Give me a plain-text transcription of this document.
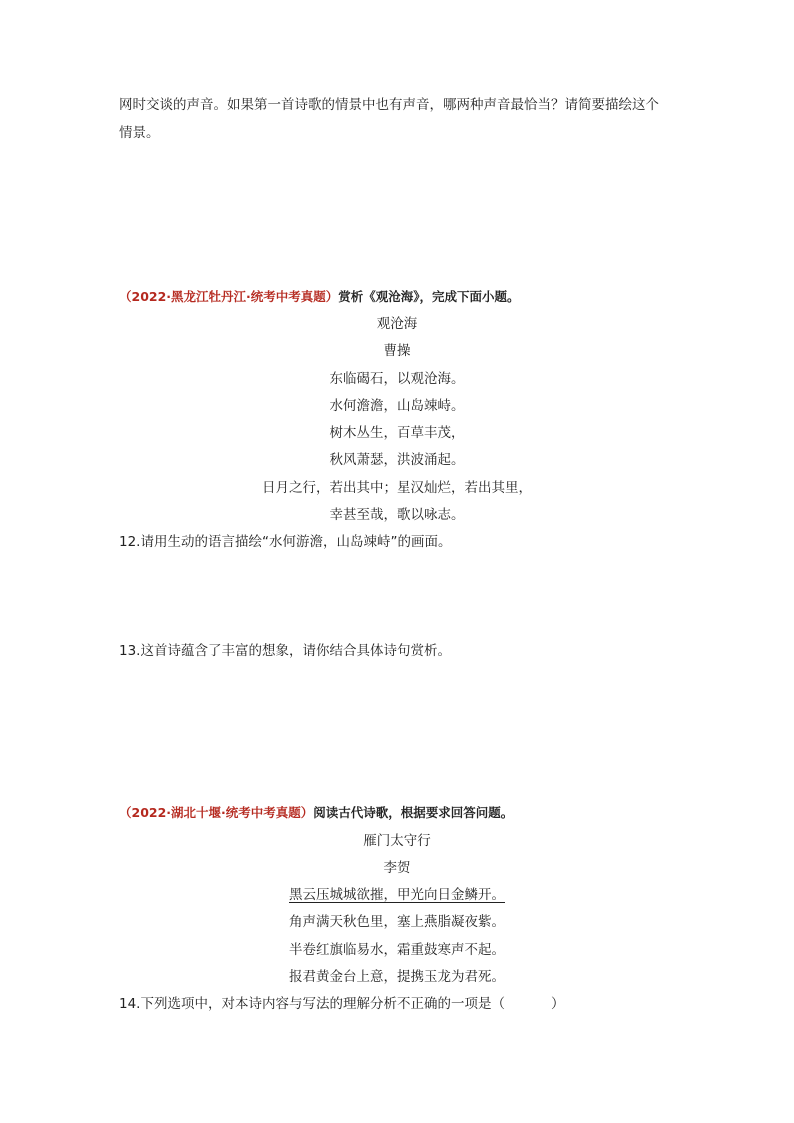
网时交谈的声音。如果第一首诗歌的情景中也有声音，哪两种声音最恰当？请简要描绘这个
情景。
（2022·黑龙江牡丹江·统考中考真题）赏析《观沧海》，完成下面小题。
观沧海
曹操
东临碣石，以观沧海。
水何澹澹，山岛竦峙。
树木丛生，百草丰茂，
秋风萧瑟，洪波涌起。
日月之行，若出其中；星汉灿烂，若出其里，
幸甚至哉，歌以咏志。
12.请用生动的语言描绘“水何游澹，山岛竦峙”的画面。
13.这首诗蕴含了丰富的想象，请你结合具体诗句赏析。
（2022·湖北十堰·统考中考真题）阅读古代诗歌，根据要求回答问题。
雁门太守行
李贺
黑云压城城欲摧，甲光向日金鳞开。
角声满天秋色里，塞上燕脂凝夜紫。
半卷红旗临易水，霜重鼓寒声不起。
报君黄金台上意，提携玉龙为君死。
14.下列选项中，对本诗内容与写法的理解分析不正确的一项是（	）
